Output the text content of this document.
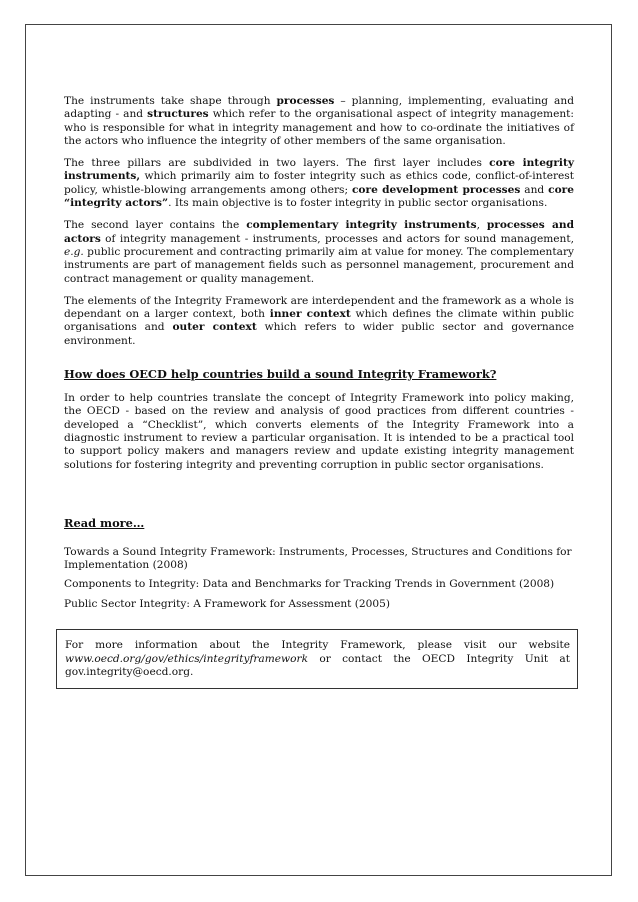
The instruments take shape through processes – planning, implementing, evaluating and adapting - and structures which refer to the organisational aspect of integrity management: who is responsible for what in integrity management and how to co-ordinate the initiatives of the actors who influence the integrity of other members of the same organisation.

The three pillars are subdivided in two layers. The first layer includes core integrity instruments, which primarily aim to foster integrity such as ethics code, conflict-of-interest policy, whistle-blowing arrangements among others; core development processes and core “integrity actors”. Its main objective is to foster integrity in public sector organisations.

The second layer contains the complementary integrity instruments, processes and actors of integrity management - instruments, processes and actors for sound management, e.g. public procurement and contracting primarily aim at value for money. The complementary instruments are part of management fields such as personnel management, procurement and contract management or quality management.

The elements of the Integrity Framework are interdependent and the framework as a whole is dependant on a larger context, both inner context which defines the climate within public organisations and outer context which refers to wider public sector and governance environment.

How does OECD help countries build a sound Integrity Framework?

In order to help countries translate the concept of Integrity Framework into policy making, the OECD - based on the review and analysis of good practices from different countries - developed a “Checklist”, which converts elements of the Integrity Framework into a diagnostic instrument to review a particular organisation. It is intended to be a practical tool to support policy makers and managers review and update existing integrity management solutions for fostering integrity and preventing corruption in public sector organisations.

Read more…

Towards a Sound Integrity Framework: Instruments, Processes, Structures and Conditions for Implementation (2008)

Components to Integrity: Data and Benchmarks for Tracking Trends in Government (2008)

Public Sector Integrity: A Framework for Assessment (2005)

For more information about the Integrity Framework, please visit our website

www.oecd.org/gov/ethics/integrityframework or contact the OECD Integrity Unit at

gov.integrity@oecd.org.
